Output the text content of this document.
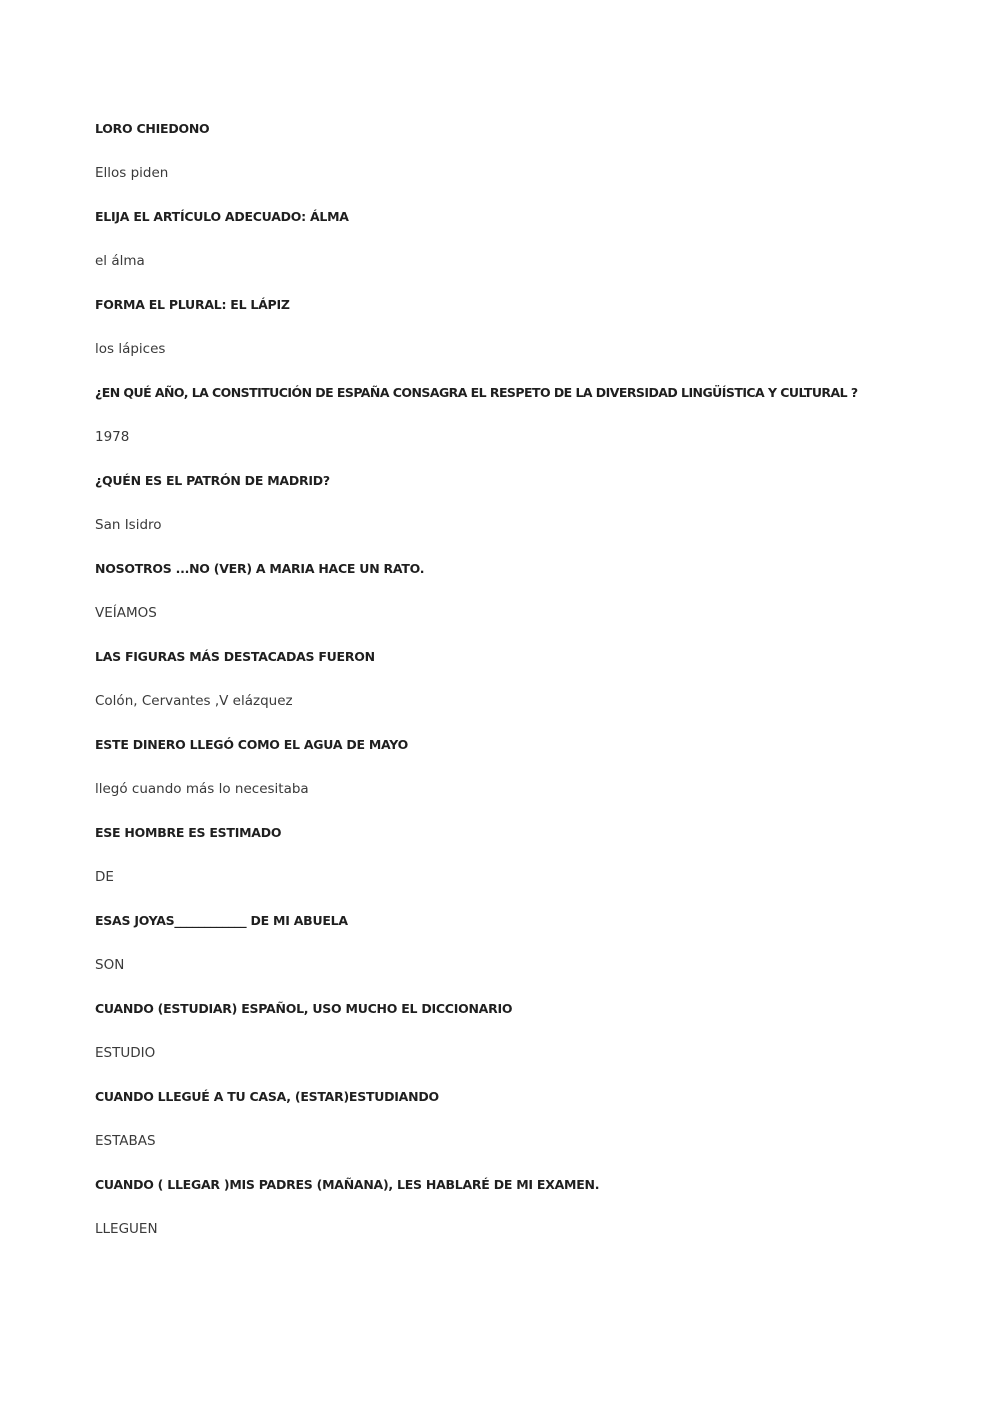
LORO CHIEDONO
Ellos piden
ELIJA EL ARTÍCULO ADECUADO: ÁLMA
el álma
FORMA EL PLURAL: EL LÁPIZ
los lápices
¿EN QUÉ AÑO, LA CONSTITUCIÓN DE ESPAÑA CONSAGRA EL RESPETO DE LA DIVERSIDAD LINGÜÍSTICA Y CULTURAL ?
1978
¿QUÉN ES EL PATRÓN DE MADRID?
San Isidro
NOSOTROS ...NO (VER) A MARIA HACE UN RATO.
VEÍAMOS
LAS FIGURAS MÁS DESTACADAS FUERON
Colón, Cervantes ,V elázquez
ESTE DINERO LLEGÓ COMO EL AGUA DE MAYO
llegó cuando más lo necesitaba
ESE HOMBRE ES ESTIMADO
DE
ESAS JOYAS____________ DE MI ABUELA
SON
CUANDO (ESTUDIAR) ESPAÑOL, USO MUCHO EL DICCIONARIO
ESTUDIO
CUANDO LLEGUÉ A TU CASA, (ESTAR)ESTUDIANDO
ESTABAS
CUANDO ( LLEGAR )MIS PADRES (MAÑANA), LES HABLARÉ DE MI EXAMEN.
LLEGUEN
